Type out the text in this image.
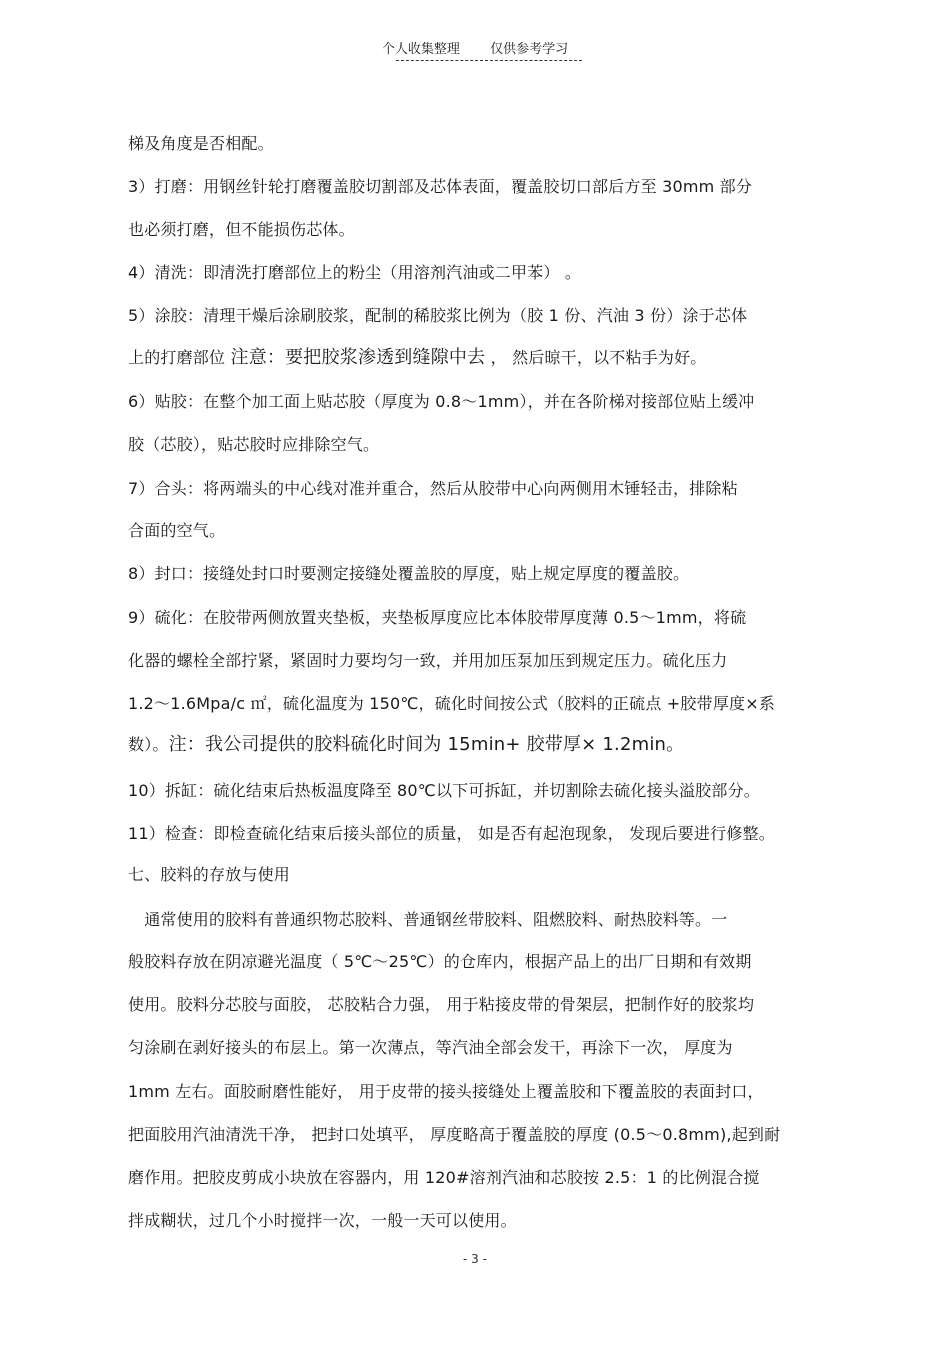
个人收集整理 仅供参考学习
梯及角度是否相配。
3）打磨：用钢丝针轮打磨覆盖胶切割部及芯体表面，覆盖胶切口部后方至 30mm 部分
也必须打磨，但不能损伤芯体。
4）清洗：即清洗打磨部位上的粉尘（用溶剂汽油或二甲苯） 。
5）涂胶：清理干燥后涂刷胶浆，配制的稀胶浆比例为（胶 1 份、汽油 3 份）涂于芯体
上的打磨部位 注意：要把胶浆渗透到缝隙中去 ， 然后晾干，以不粘手为好。
6）贴胶：在整个加工面上贴芯胶（厚度为 0.8～1mm），并在各阶梯对接部位贴上缓冲
胶（芯胶），贴芯胶时应排除空气。
7）合头：将两端头的中心线对准并重合，然后从胶带中心向两侧用木锤轻击，排除粘
合面的空气。
8）封口：接缝处封口时要测定接缝处覆盖胶的厚度，贴上规定厚度的覆盖胶。
9）硫化：在胶带两侧放置夹垫板，夹垫板厚度应比本体胶带厚度薄 0.5～1mm，将硫
化器的螺栓全部拧紧，紧固时力要均匀一致，并用加压泵加压到规定压力。硫化压力
1.2～1.6Mpa/c ㎡，硫化温度为 150℃，硫化时间按公式（胶料的正硫点 +胶带厚度×系
数）。注：我公司提供的胶料硫化时间为 15min+ 胶带厚× 1.2min。
10）拆缸：硫化结束后热板温度降至 80℃以下可拆缸，并切割除去硫化接头溢胶部分。
11）检查：即检查硫化结束后接头部位的质量， 如是否有起泡现象， 发现后要进行修整。
七、胶料的存放与使用
　通常使用的胶料有普通织物芯胶料、普通钢丝带胶料、阻燃胶料、耐热胶料等。一
般胶料存放在阴凉避光温度（ 5℃～25℃）的仓库内，根据产品上的出厂日期和有效期
使用。胶料分芯胶与面胶， 芯胶粘合力强， 用于粘接皮带的骨架层，把制作好的胶浆均
匀涂刷在剥好接头的布层上。第一次薄点，等汽油全部会发干，再涂下一次， 厚度为
1mm 左右。面胶耐磨性能好， 用于皮带的接头接缝处上覆盖胶和下覆盖胶的表面封口，
把面胶用汽油清洗干净， 把封口处填平， 厚度略高于覆盖胶的厚度 (0.5～0.8mm),起到耐
磨作用。把胶皮剪成小块放在容器内，用 120#溶剂汽油和芯胶按 2.5：1 的比例混合搅
拌成糊状，过几个小时搅拌一次，一般一天可以使用。
- 3 -
